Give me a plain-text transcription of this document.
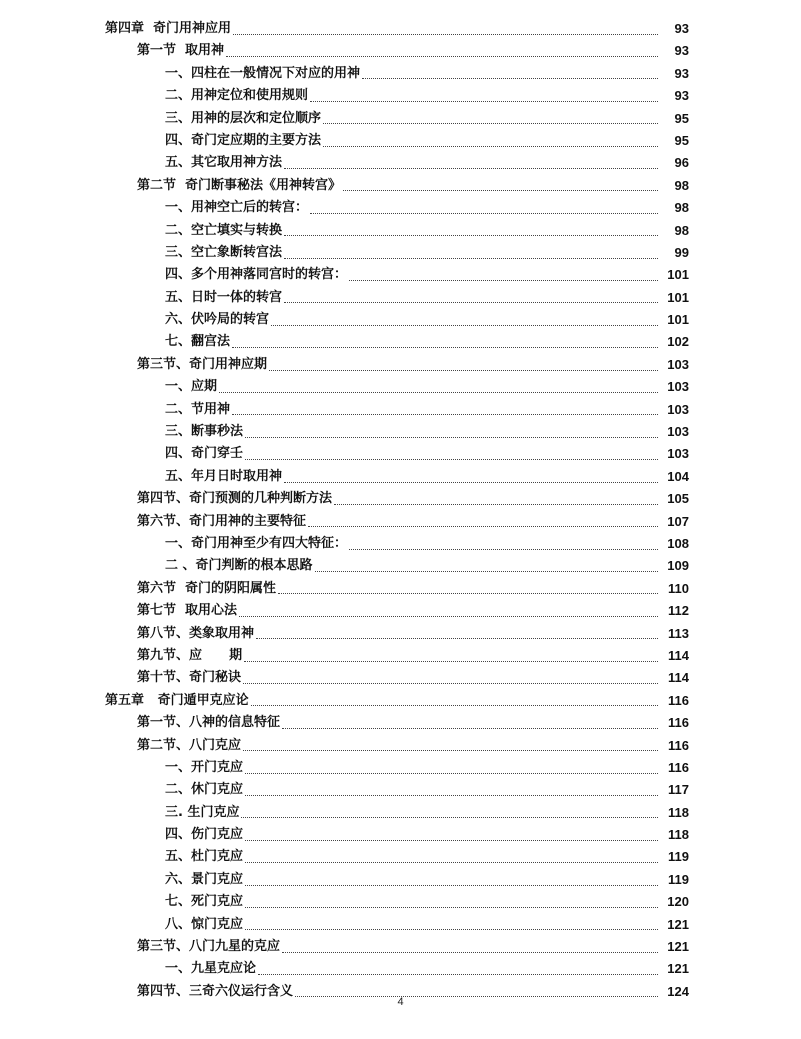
第四章  奇门用神应用	93
第一节  取用神	93
一、四柱在一般情况下对应的用神	93
二、用神定位和使用规则	93
三、用神的层次和定位顺序	95
四、奇门定应期的主要方法	95
五、其它取用神方法	96
第二节  奇门断事秘法《用神转宫》	98
一、用神空亡后的转宫：	98
二、空亡填实与转换	98
三、空亡象断转宫法	99
四、多个用神落同宫时的转宫：	101
五、日时一体的转宫	101
六、伏吟局的转宫	101
七、翻宫法	102
第三节、奇门用神应期	103
一、应期	103
二、节用神	103
三、断事秒法	103
四、奇门穿壬	103
五、年月日时取用神	104
第四节、奇门预测的几种判断方法	105
第六节、奇门用神的主要特征	107
一、奇门用神至少有四大特征：	108
二 、奇门判断的根本思路	109
第六节  奇门的阴阳属性	110
第七节  取用心法	112
第八节、类象取用神	113
第九节、应      期	114
第十节、奇门秘诀	114
第五章   奇门遁甲克应论	116
第一节、八神的信息特征	116
第二节、八门克应	116
一、开门克应	116
二、休门克应	117
三. 生门克应	118
四、伤门克应	118
五、杜门克应	119
六、景门克应	119
七、死门克应	120
八、惊门克应	121
第三节、八门九星的克应	121
一、九星克应论	121
第四节、三奇六仪运行含义	124
4
